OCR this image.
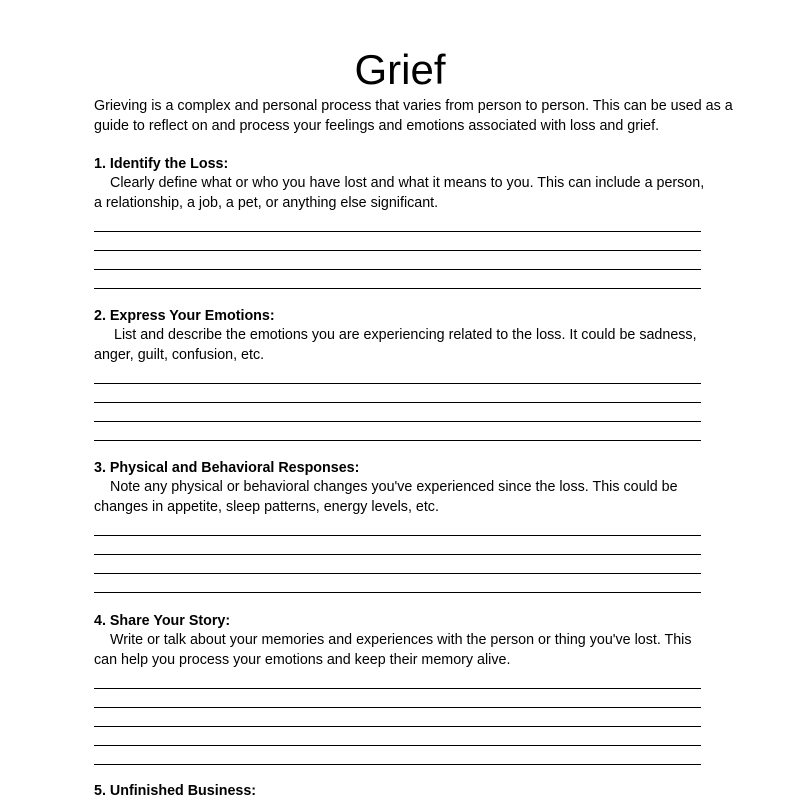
Grief
Grieving is a complex and personal process that varies from person to person. This can be used as a guide to reflect on and process your feelings and emotions associated with loss and grief.
1. Identify the Loss:
Clearly define what or who you have lost and what it means to you. This can include a person, a relationship, a job, a pet, or anything else significant.
2. Express Your Emotions:
List and describe the emotions you are experiencing related to the loss. It could be sadness, anger, guilt, confusion, etc.
3. Physical and Behavioral Responses:
Note any physical or behavioral changes you've experienced since the loss. This could be changes in appetite, sleep patterns, energy levels, etc.
4. Share Your Story:
Write or talk about your memories and experiences with the person or thing you've lost. This can help you process your emotions and keep their memory alive.
5. Unfinished Business:
